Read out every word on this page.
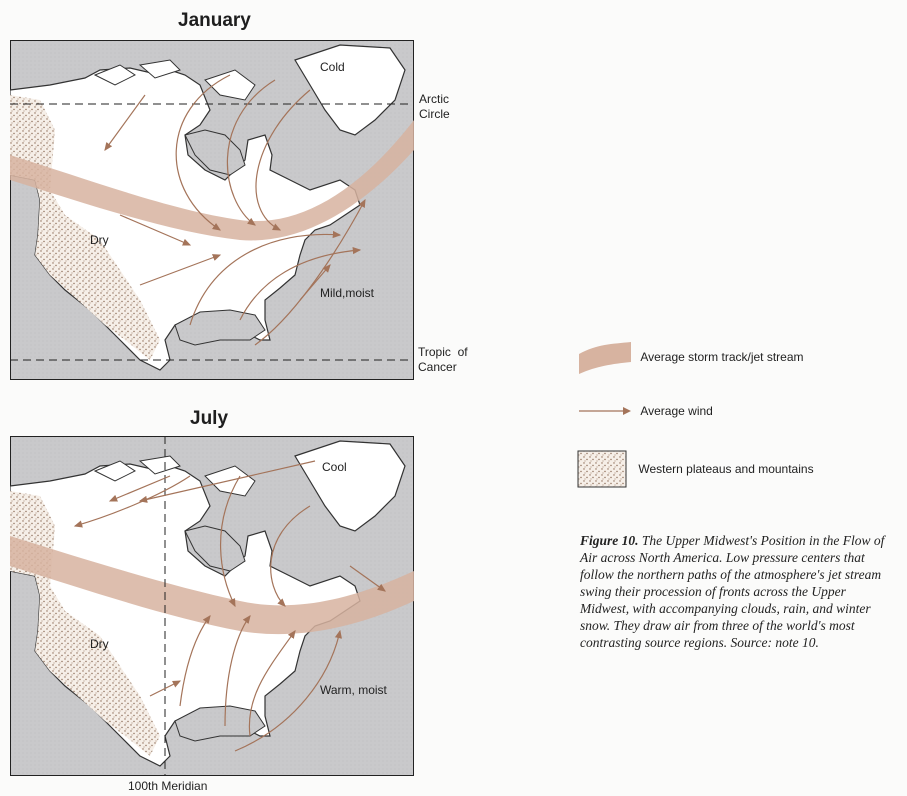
January
Cold
Dry
Mild,moist
Arctic
Circle
Tropic  of
Cancer
July
Cool
Dry
Warm, moist
100th Meridian
Average storm track/jet stream
Average wind
Western plateaus and mountains
Figure 10. The Upper Midwest's Position in the Flow of Air across North America. Low pressure centers that follow the northern paths of the atmosphere's jet stream swing their procession of fronts across the Upper Midwest, with accompanying clouds, rain, and winter snow. They draw air from three of the world's most contrasting source regions. Source: note 10.
